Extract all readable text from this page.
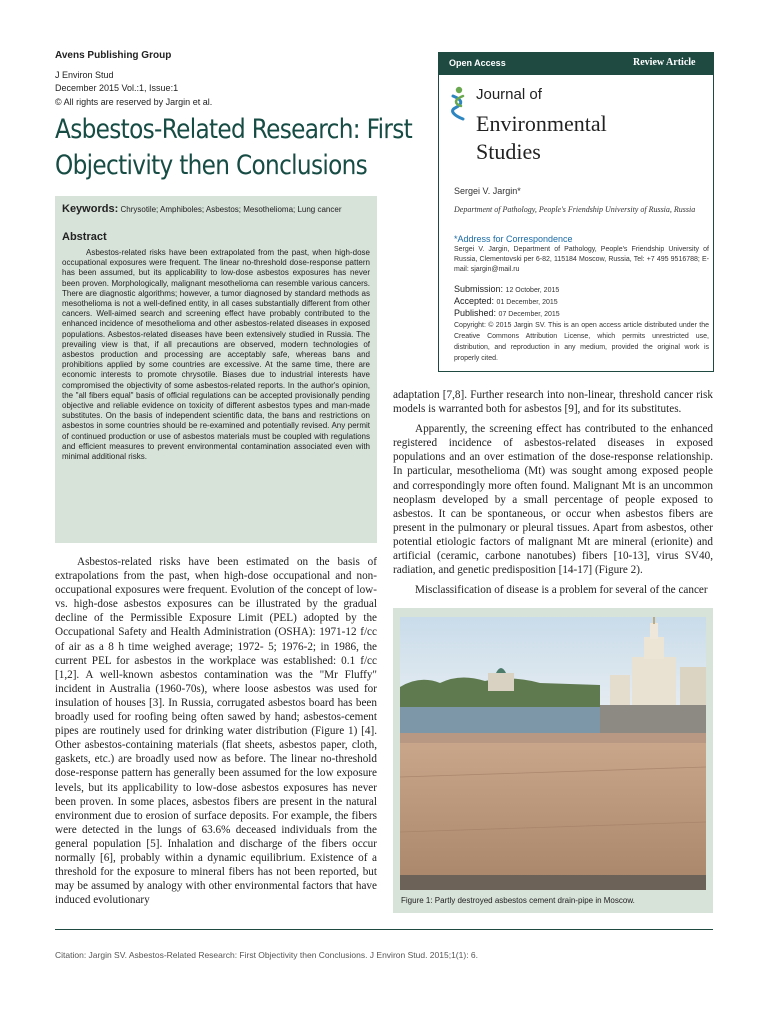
Avens Publishing Group
J Environ Stud
December 2015 Vol.:1, Issue:1
© All rights are reserved by Jargin et al.
Asbestos-Related Research: First
Objectivity then Conclusions
Keywords: Chrysotile; Amphiboles; Asbestos; Mesothelioma; Lung cancer
Abstract

Asbestos-related risks have been extrapolated from the past, when high-dose occupational exposures were frequent. The linear no-threshold dose-response pattern has been assumed, but its applicability to low-dose asbestos exposures has never been proven. Morphologically, malignant mesothelioma can resemble various cancers. There are diagnostic algorithms; however, a tumor diagnosed by standard methods as mesothelioma is not a well-defined entity, in all cases substantially different from other cancers. Well-aimed search and screening effect have probably contributed to the enhanced incidence of mesothelioma and other asbestos-related diseases in exposed populations. Asbestos-related diseases have been extensively studied in Russia. The prevailing view is that, if all precautions are observed, modern technologies of asbestos production and processing are acceptably safe, whereas bans and prohibitions applied by some countries are excessive. At the same time, there are economic interests to promote chrysotile. Biases due to industrial interests have compromised the objectivity of some asbestos-related reports. In the author's opinion, the "all fibers equal" basis of official regulations can be accepted provisionally pending objective and reliable evidence on toxicity of different asbestos types and man-made substitutes. On the basis of independent scientific data, the bans and restrictions on asbestos in some countries should be re-examined and potentially revised. Any permit of continued production or use of asbestos materials must be coupled with regulations and efficient measures to prevent environmental contamination associated even with minimal additional risks.

Open Access	Review Article
Journal of
Environmental
Studies
Sergei V. Jargin*
Department of Pathology, People's Friendship University of Russia, Russia
*Address for Correspondence
Sergei V. Jargin, Department of Pathology, People's Friendship University of Russia, Clementovski per 6-82, 115184 Moscow, Russia, Tel: +7 495 9516788; E-mail: sjargin@mail.ru
Submission: 12 October, 2015
Accepted: 01 December, 2015
Published: 07 December, 2015
Copyright: © 2015 Jargin SV. This is an open access article distributed under the Creative Commons Attribution License, which permits unrestricted use, distribution, and reproduction in any medium, provided the original work is properly cited.

Asbestos-related risks have been estimated on the basis of extrapolations from the past, when high-dose occupational and non-occupational exposures were frequent. Evolution of the concept of low- vs. high-dose asbestos exposures can be illustrated by the gradual decline of the Permissible Exposure Limit (PEL) adopted by the Occupational Safety and Health Administration (OSHA): 1971-12 f/cc of air as a 8 h time weighed average; 1972- 5; 1976-2; in 1986, the current PEL for asbestos in the workplace was established: 0.1 f/cc [1,2]. A well-known asbestos contamination was the "Mr Fluffy" incident in Australia (1960-70s), where loose asbestos was used for insulation of houses [3]. In Russia, corrugated asbestos board has been broadly used for roofing being often sawed by hand; asbestos-cement pipes are routinely used for drinking water distribution (Figure 1) [4]. Other asbestos-containing materials (flat sheets, asbestos paper, cloth, gaskets, etc.) are broadly used now as before. The linear no-threshold dose-response pattern has generally been assumed for the low exposure levels, but its applicability to low-dose asbestos exposures has never been proven. In some places, asbestos fibers are present in the natural environment due to erosion of surface deposits. For example, the fibers were detected in the lungs of 63.6% deceased individuals from the general population [5]. Inhalation and discharge of the fibers occur normally [6], probably within a dynamic equilibrium. Existence of a threshold for the exposure to mineral fibers has not been reported, but may be assumed by analogy with other environmental factors that have induced evolutionary

adaptation [7,8]. Further research into non-linear, threshold cancer risk models is warranted both for asbestos [9], and for its substitutes.

Apparently, the screening effect has contributed to the enhanced registered incidence of asbestos-related diseases in exposed populations and an over estimation of the dose-response relationship. In particular, mesothelioma (Mt) was sought among exposed people and correspondingly more often found. Malignant Mt is an uncommon neoplasm developed by a small percentage of people exposed to asbestos. It can be spontaneous, or occur when asbestos fibers are present in the pulmonary or pleural tissues. Apart from asbestos, other potential etiologic factors of malignant Mt are mineral (erionite) and artificial (ceramic, carbone nanotubes) fibers [10-13], virus SV40, radiation, and genetic predisposition [14-17] (Figure 2).

Misclassification of disease is a problem for several of the cancer

Figure 1: Partly destroyed asbestos cement drain-pipe in Moscow.
Citation: Jargin SV. Asbestos-Related Research: First Objectivity then Conclusions. J Environ Stud. 2015;1(1): 6.
